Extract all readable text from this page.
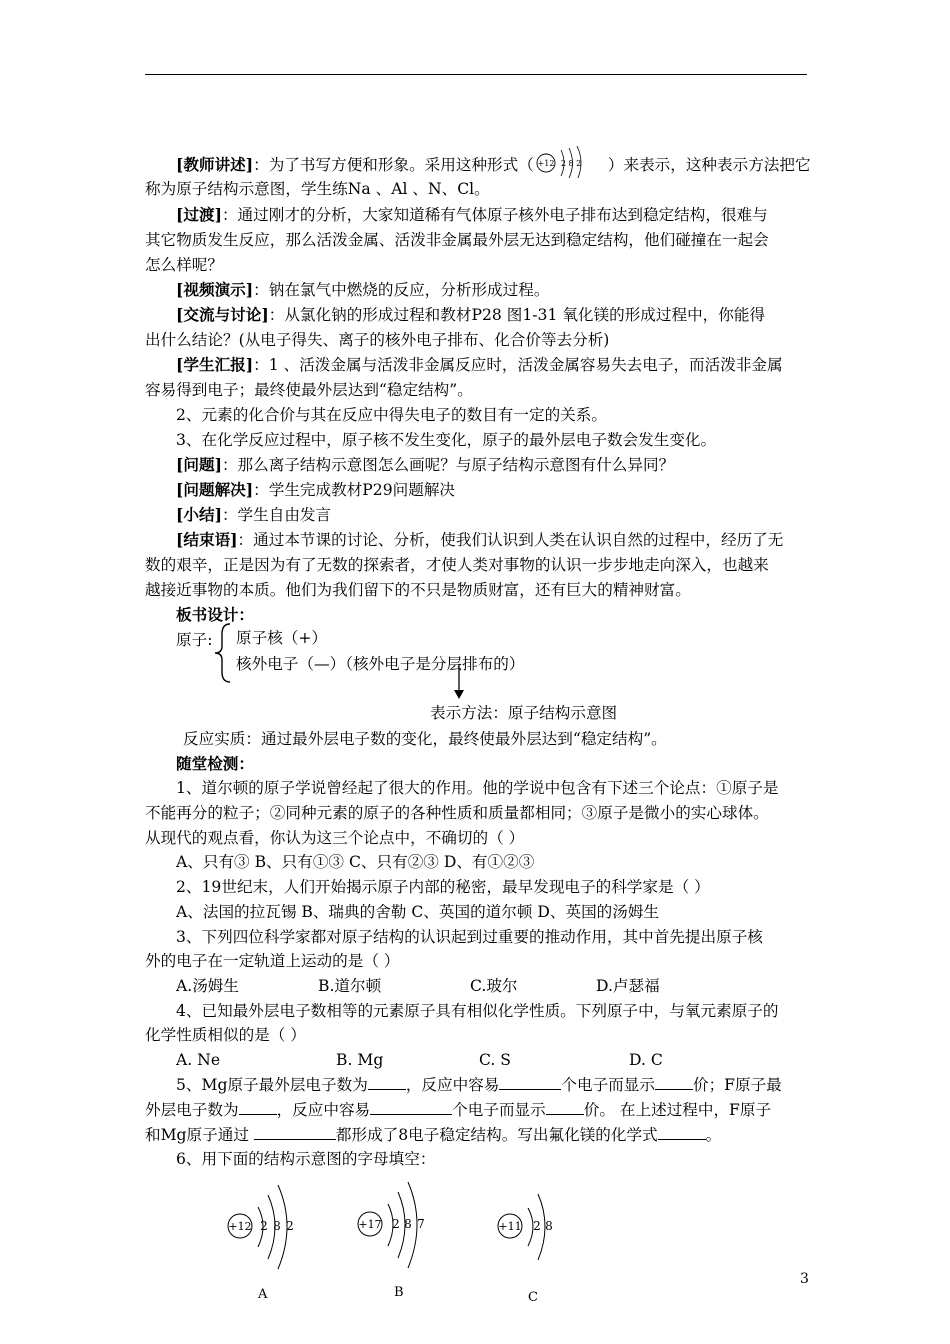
[教师讲述]：为了书写方便和形象。采用这种形式（ +12 2 8 2 ）来表示，这种表示方法把它
称为原子结构示意图，学生练Na 、Al 、N、Cl。
[过渡]：通过刚才的分析，大家知道稀有气体原子核外电子排布达到稳定结构，很难与
其它物质发生反应，那么活泼金属、活泼非金属最外层无达到稳定结构，他们碰撞在一起会
怎么样呢？
[视频演示]：钠在氯气中燃烧的反应，分析形成过程。
[交流与讨论]：从氯化钠的形成过程和教材P28 图1-31 氧化镁的形成过程中，你能得
出什么结论？(从电子得失、离子的核外电子排布、化合价等去分析)
[学生汇报]：1 、活泼金属与活泼非金属反应时，活泼金属容易失去电子，而活泼非金属
容易得到电子；最终使最外层达到“稳定结构”。
2、元素的化合价与其在反应中得失电子的数目有一定的关系。
3、在化学反应过程中，原子核不发生变化，原子的最外层电子数会发生变化。
[问题]：那么离子结构示意图怎么画呢？与原子结构示意图有什么异同？
[问题解决]：学生完成教材P29问题解决
[小结]：学生自由发言
[结束语]：通过本节课的讨论、分析，使我们认识到人类在认识自然的过程中，经历了无
数的艰辛，正是因为有了无数的探索者，才使人类对事物的认识一步步地走向深入，也越来
越接近事物的本质。他们为我们留下的不只是物质财富，还有巨大的精神财富。
板书设计：
原子: 原子核（+）
核外电子（—）（核外电子是分层排布的）
表示方法：原子结构示意图
反应实质：通过最外层电子数的变化，最终使最外层达到“稳定结构”。
随堂检测：
1、道尔顿的原子学说曾经起了很大的作用。他的学说中包含有下述三个论点：①原子是
不能再分的粒子；②同种元素的原子的各种性质和质量都相同；③原子是微小的实心球体。
从现代的观点看，你认为这三个论点中，不确切的（ ）
A、只有③ B、只有①③ C、只有②③ D、有①②③
2、19世纪末，人们开始揭示原子内部的秘密，最早发现电子的科学家是（ ）
A、法国的拉瓦锡 B、瑞典的舍勒 C、英国的道尔顿 D、英国的汤姆生
3、下列四位科学家都对原子结构的认识起到过重要的推动作用，其中首先提出原子核
外的电子在一定轨道上运动的是（ ）
A.汤姆生	B.道尔顿	C.玻尔	D.卢瑟福
4、已知最外层电子数相等的元素原子具有相似化学性质。下列原子中，与氧元素原子的
化学性质相似的是（ ）
A. Ne	B. Mg	C. S	D. C
5、Mg原子最外层电子数为 ，反应中容易	个电子而显示 价；F原子最
外层电子数为 ，反应中容易	个电子而显示 价。 在上述过程中，F原子
和Mg原子通过	都形成了8电子稳定结构。写出氟化镁的化学式	。
6、用下面的结构示意图的字母填空：
+12 2 8 2
A
+17 2 8 7
B
+11 2 8
C
3
